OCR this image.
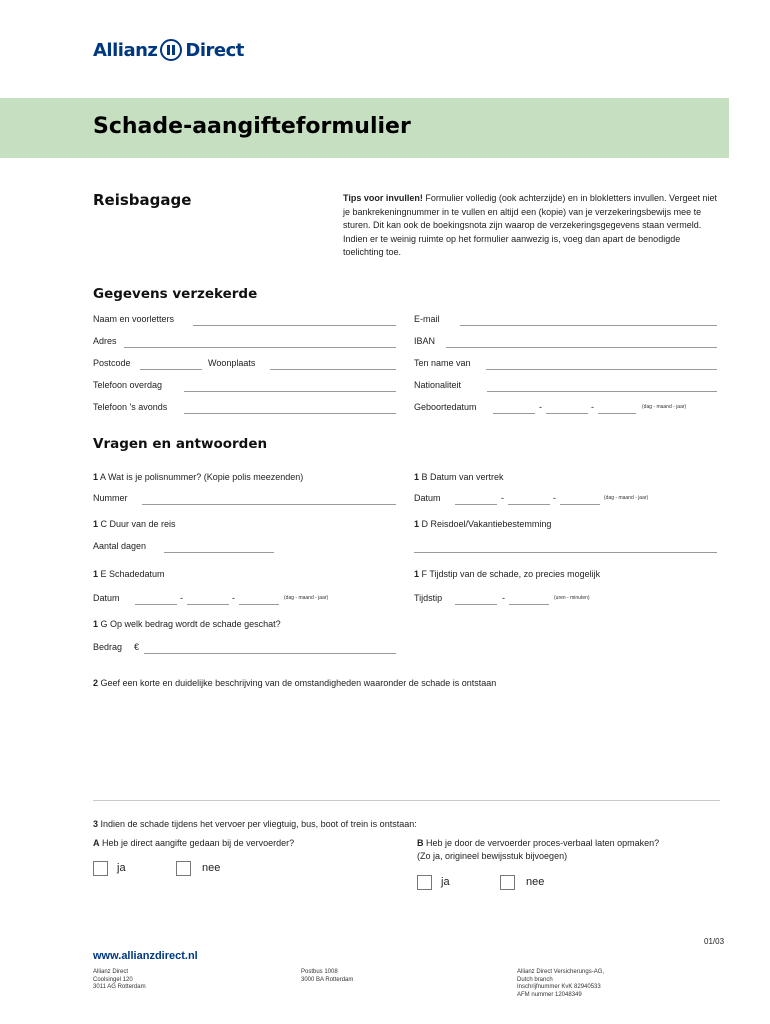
Allianz Direct
Schade-aangifteformulier
Reisbagage	Tips voor invullen! Formulier volledig (ook achterzijde) en in blokletters invullen. Vergeet niet je bankrekeningnummer in te vullen en altijd een (kopie) van je verzekeringsbewijs mee te sturen. Dit kan ook de boekingsnota zijn waarop de verzekeringsgegevens staan vermeld. Indien er te weinig ruimte op het formulier aanwezig is, voeg dan apart de benodigde toelichting toe.
Gegevens verzekerde
Naam en voorletters
Adres
Postcode	Woonplaats
Telefoon overdag
Telefoon 's avonds
E-mail
IBAN
Ten name van
Nationaliteit
Geboortedatum	-	-	(dag - maand - jaar)
Vragen en antwoorden
1 A Wat is je polisnummer? (Kopie polis meezenden)
Nummer
1 B Datum van vertrek
Datum	-	-	(dag - maand - jaar)
1 C Duur van de reis
Aantal dagen
1 D Reisdoel/Vakantiebestemming
1 E Schadedatum
Datum	-	-	(dag - maand - jaar)
1 F Tijdstip van de schade, zo precies mogelijk
Tijdstip	-	(uren - minuten)
1 G Op welk bedrag wordt de schade geschat?
Bedrag €
2 Geef een korte en duidelijke beschrijving van de omstandigheden waaronder de schade is ontstaan
3 Indien de schade tijdens het vervoer per vliegtuig, bus, boot of trein is ontstaan:
A Heb je direct aangifte gedaan bij de vervoerder?	B Heb je door de vervoerder proces-verbaal laten opmaken?
(Zo ja, origineel bewijsstuk bijvoegen)
ja	nee
ja	nee
01/03
www.allianzdirect.nl
Allianz Direct
Coolsingel 120
3011 AG Rotterdam
Postbus 1008
3000 BA Rotterdam
Allianz Direct Versicherungs-AG,
Dutch branch
Inschrijfnummer KvK 82940533
AFM nummer 12048349
